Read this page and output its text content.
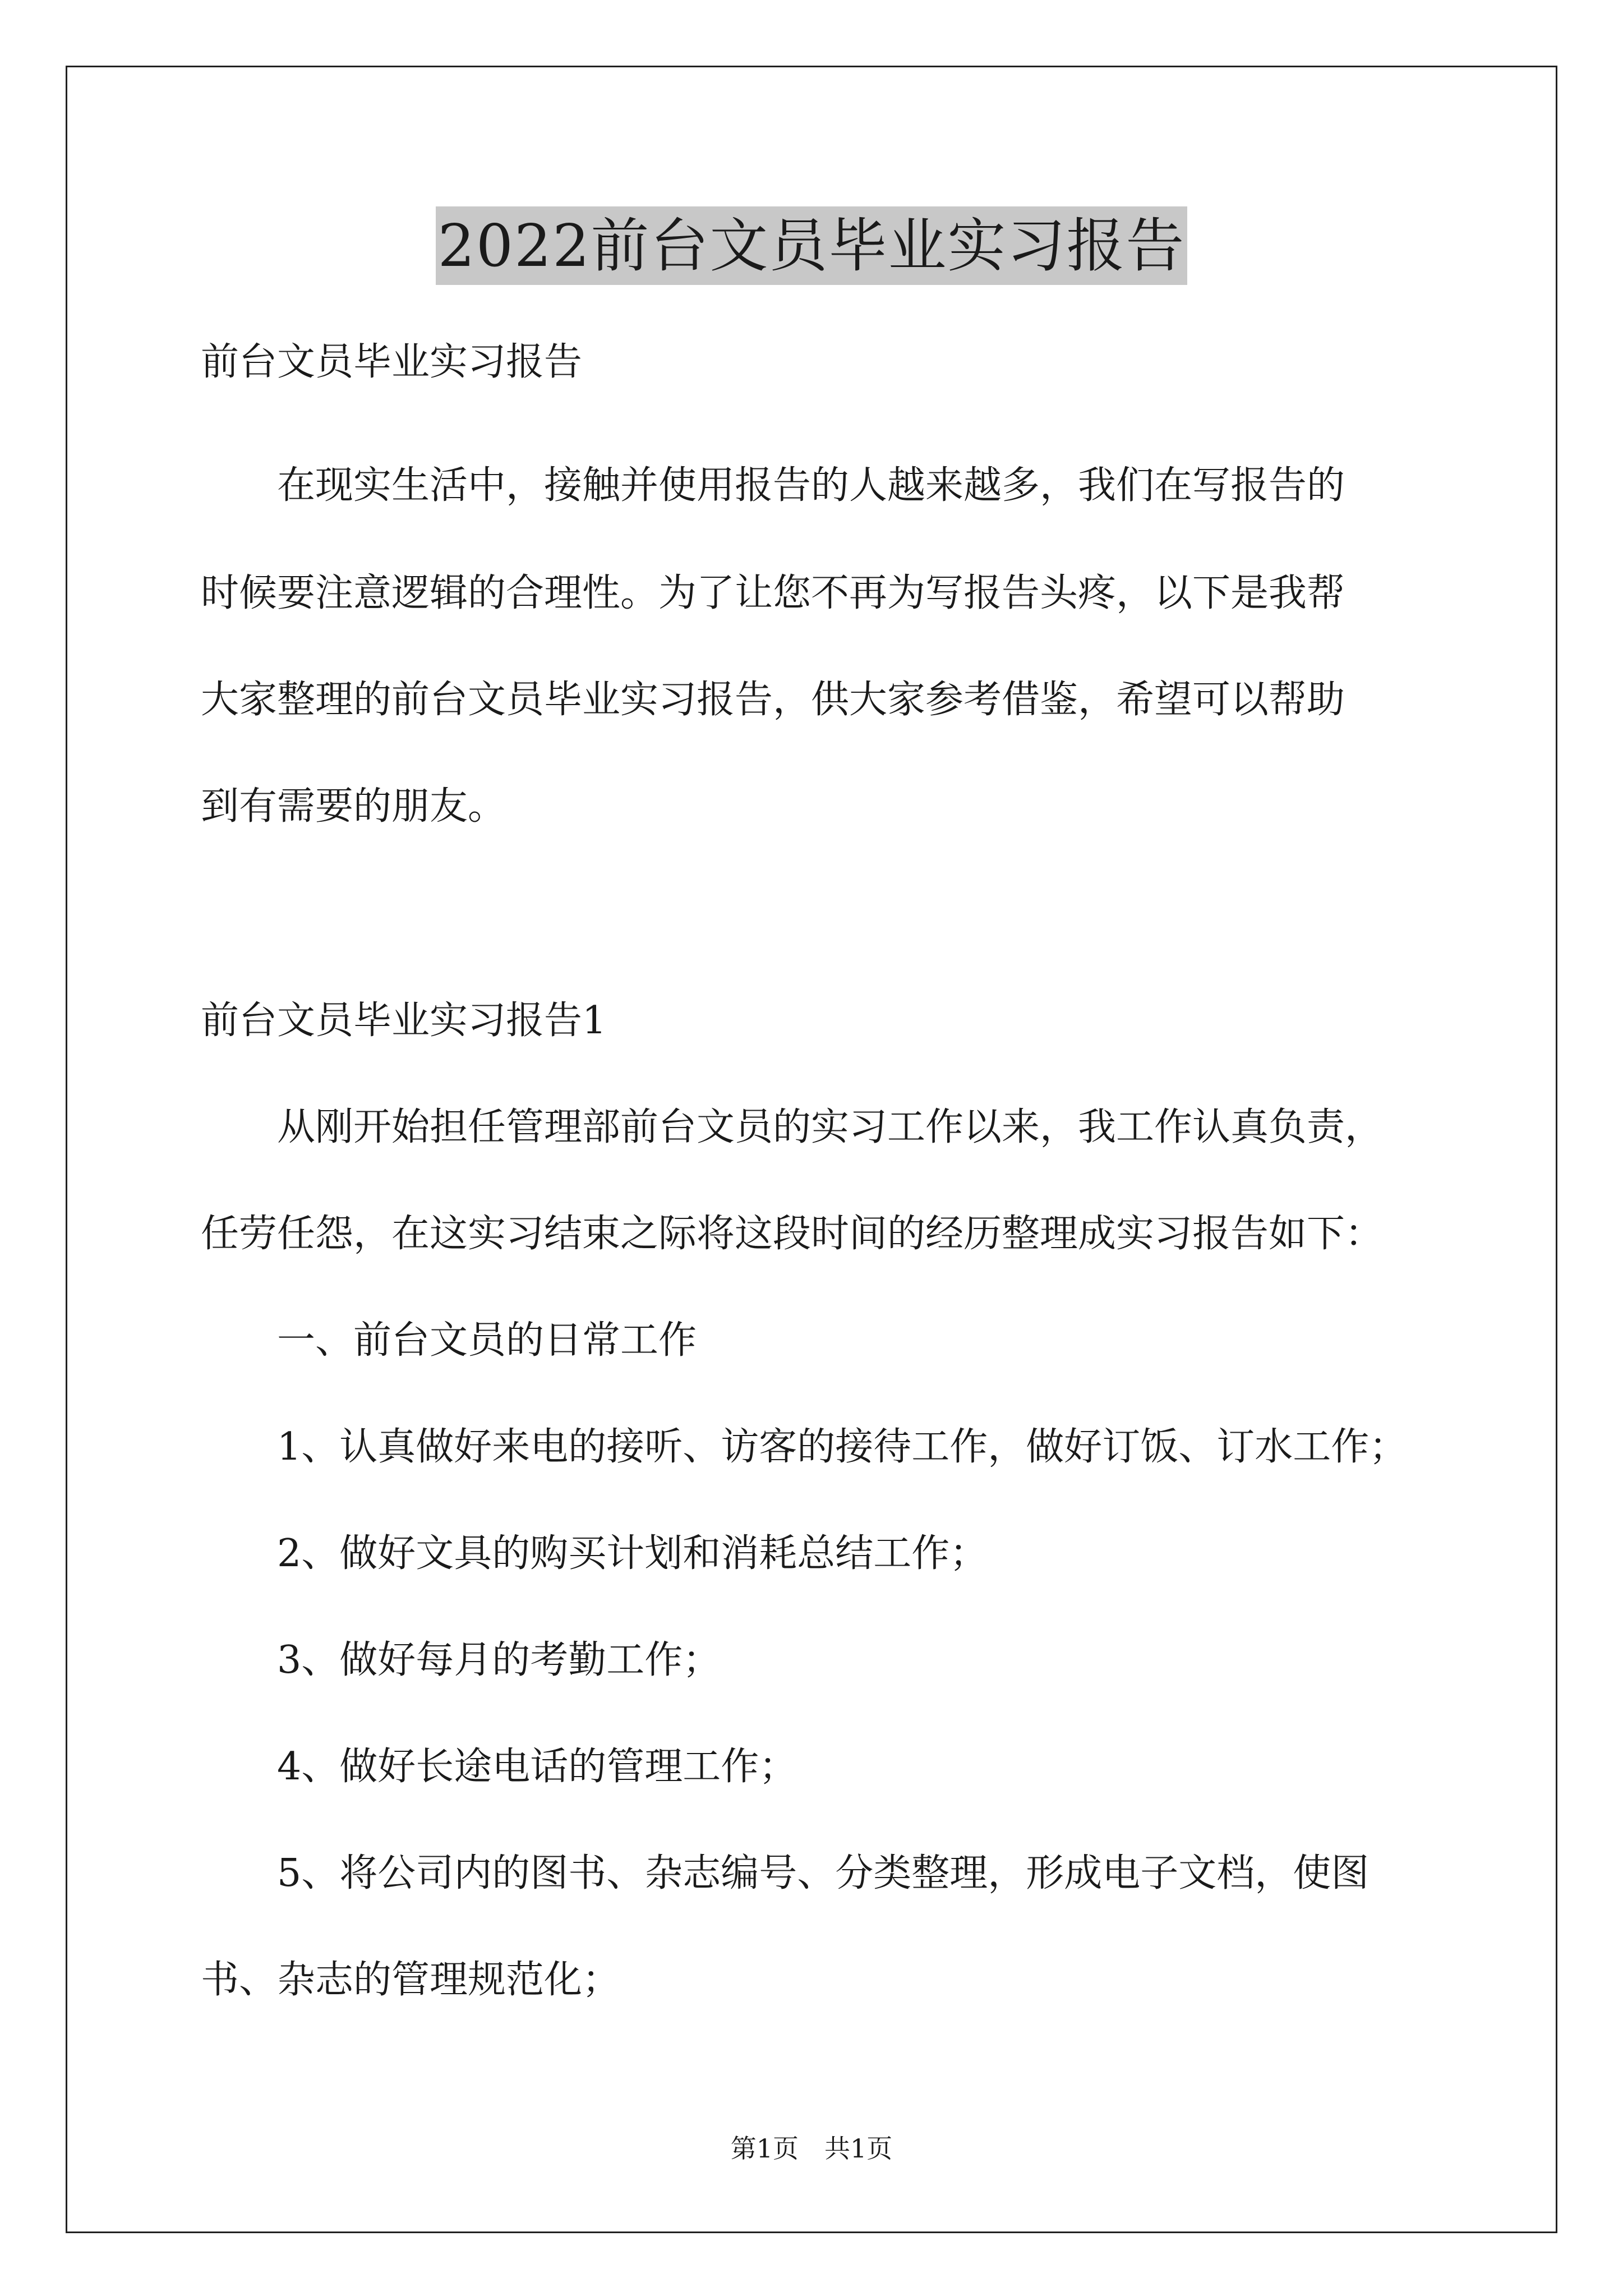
2022前台文员毕业实习报告

前台文员毕业实习报告

　　在现实生活中，接触并使用报告的人越来越多，我们在写报告的

时候要注意逻辑的合理性。为了让您不再为写报告头疼，以下是我帮

大家整理的前台文员毕业实习报告，供大家参考借鉴，希望可以帮助

到有需要的朋友。

前台文员毕业实习报告1

　　从刚开始担任管理部前台文员的实习工作以来，我工作认真负责，

任劳任怨，在这实习结束之际将这段时间的经历整理成实习报告如下：

　　一、前台文员的日常工作

　　1、认真做好来电的接听、访客的接待工作，做好订饭、订水工作；

　　2、做好文具的购买计划和消耗总结工作；

　　3、做好每月的考勤工作；

　　4、做好长途电话的管理工作；

　　5、将公司内的图书、杂志编号、分类整理，形成电子文档，使图

书、杂志的管理规范化；

第1页　共1页
